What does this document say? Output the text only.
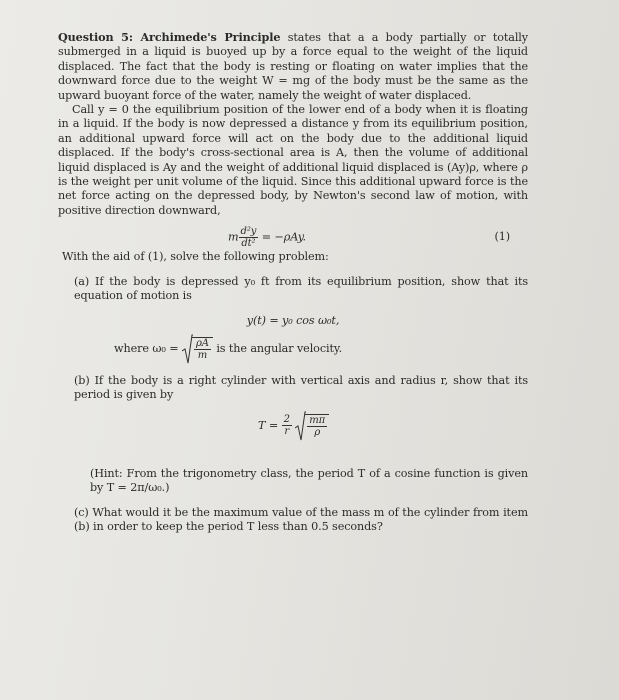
Question 5: Archimede's Principle states that a a body partially or totally submerged in a liquid is buoyed up by a force equal to the weight of the liquid displaced. The fact that the body is resting or floating on water implies that the downward force due to the weight W = mg of the body must be the same as the upward buoyant force of the water, namely the weight of water displaced.

Call y = 0 the equilibrium position of the lower end of a body when it is floating in a liquid. If the body is now depressed a distance y from its equilibrium position, an additional upward force will act on the body due to the additional liquid displaced. If the body's cross-sectional area is A, then the volume of additional liquid displaced is Ay and the weight of additional liquid displaced is (Ay)ρ, where ρ is the weight per unit volume of the liquid. Since this additional upward force is the net force acting on the depressed body, by Newton's second law of motion, with positive direction downward,

m $\frac{\text{d²y}}{\text{dt²}} = -\rho Ay$.	(1)

With the aid of (1), solve the following problem:

(a) If the body is depressed y₀ ft from its equilibrium position, show that its equation of motion is
y(t) = y₀ cos ω₀t,
where $\omega_0 = \frac{\rho A}{m}$ is the angular velocity.
(b) If the body is a right cylinder with vertical axis and radius r, show that its period is given by
$T = \frac{2}{r}$
$\frac{m\pi}{\rho}$
(Hint: From the trigonometry class, the period T of a cosine function is given by T = 2π/ω₀.)
(c) What would it be the maximum value of the mass m of the cylinder from item (b) in order to keep the period T less than 0.5 seconds?
